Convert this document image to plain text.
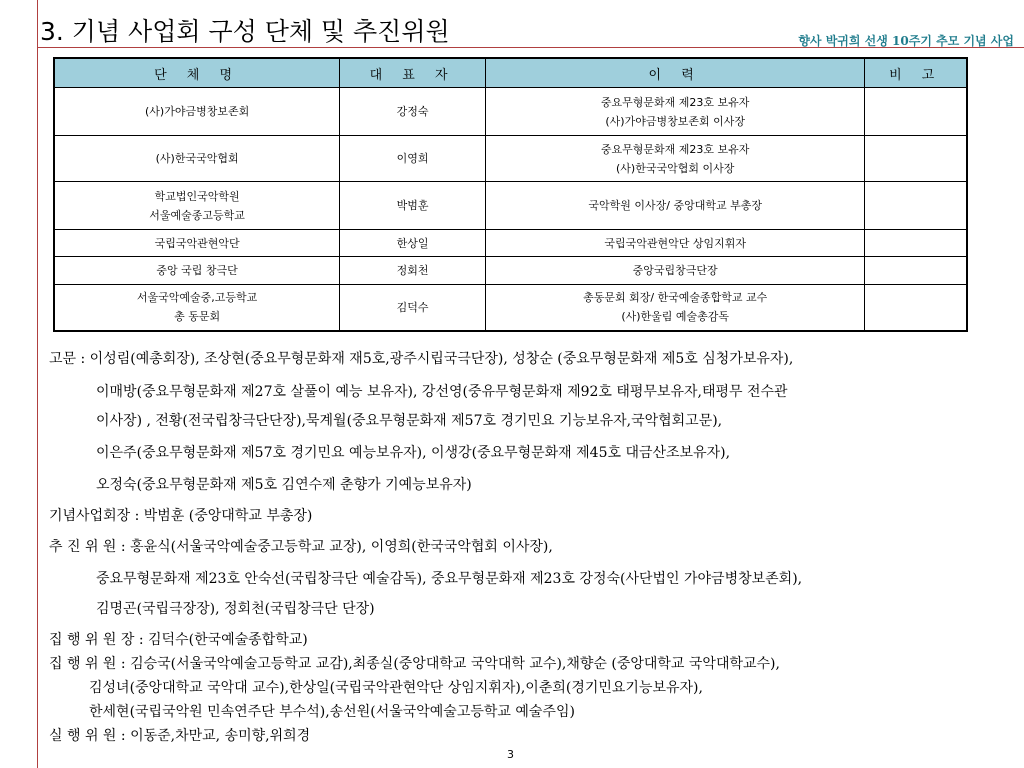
3. 기념 사업회 구성 단체 및 추진위원	향사 박귀희 선생 10주기 추모 기념 사업
단 체 명	대 표 자	이 력	비 고
(사)가야금병창보존회	강정숙	중요무형문화재 제23호 보유자
(사)가야금병창보존회 이사장	
(사)한국국악협회	이영희	중요무형문화재 제23호 보유자
(사)한국국악협회 이사장	
학교법인국악학원
서울예술종고등학교	박범훈	국악학원 이사장/ 중앙대학교 부총장	
국립국악관현악단	한상일	국립국악관현악단 상임지휘자	
중앙 국립 창극단	정회천	중앙국립창극단장	
서울국악예술중,고등학교
총 동문회	김덕수	총동문회 회장/ 한국예술종합학교 교수
(사)한울림 예술총감독	
고문 : 이성림(예총회장), 조상현(중요무형문화재 재5호,광주시립국극단장), 성창순 (중요무형문화재 제5호 심청가보유자),
이매방(중요무형문화재 제27호 살풀이 예능 보유자), 강선영(중유무형문화재 제92호 태평무보유자,태평무 전수관
이사장) , 전황(전국립창극단단장),묵계월(중요무형문화재 제57호 경기민요 기능보유자,국악협회고문),
이은주(중요무형문화재 제57호 경기민요 예능보유자), 이생강(중요무형문화재 제45호 대금산조보유자),
오정숙(중요무형문화재 제5호 김연수제 춘향가 기예능보유자)
기념사업회장 : 박범훈 (중앙대학교 부총장)
추 진 위 원 : 홍윤식(서울국악예술중고등학교 교장), 이영희(한국국악협회 이사장),
중요무형문화재 제23호 안숙선(국립창극단 예술감독), 중요무형문화재 제23호 강정숙(사단법인 가야금병창보존회),
김명곤(국립극장장), 정회천(국립창극단 단장)
집 행 위 원 장 : 김덕수(한국예술종합학교)
집 행 위 원 : 김승국(서울국악예술고등학교 교감),최종실(중앙대학교 국악대학 교수),채향순 (중앙대학교 국악대학교수),
김성녀(중앙대학교 국악대 교수),한상일(국립국악관현악단 상임지휘자),이춘희(경기민요기능보유자),
한세현(국립국악원 민속연주단 부수석),송선원(서울국악예술고등학교 예술주임)
실 행 위 원 : 이동준,차만교, 송미향,위희경
3
